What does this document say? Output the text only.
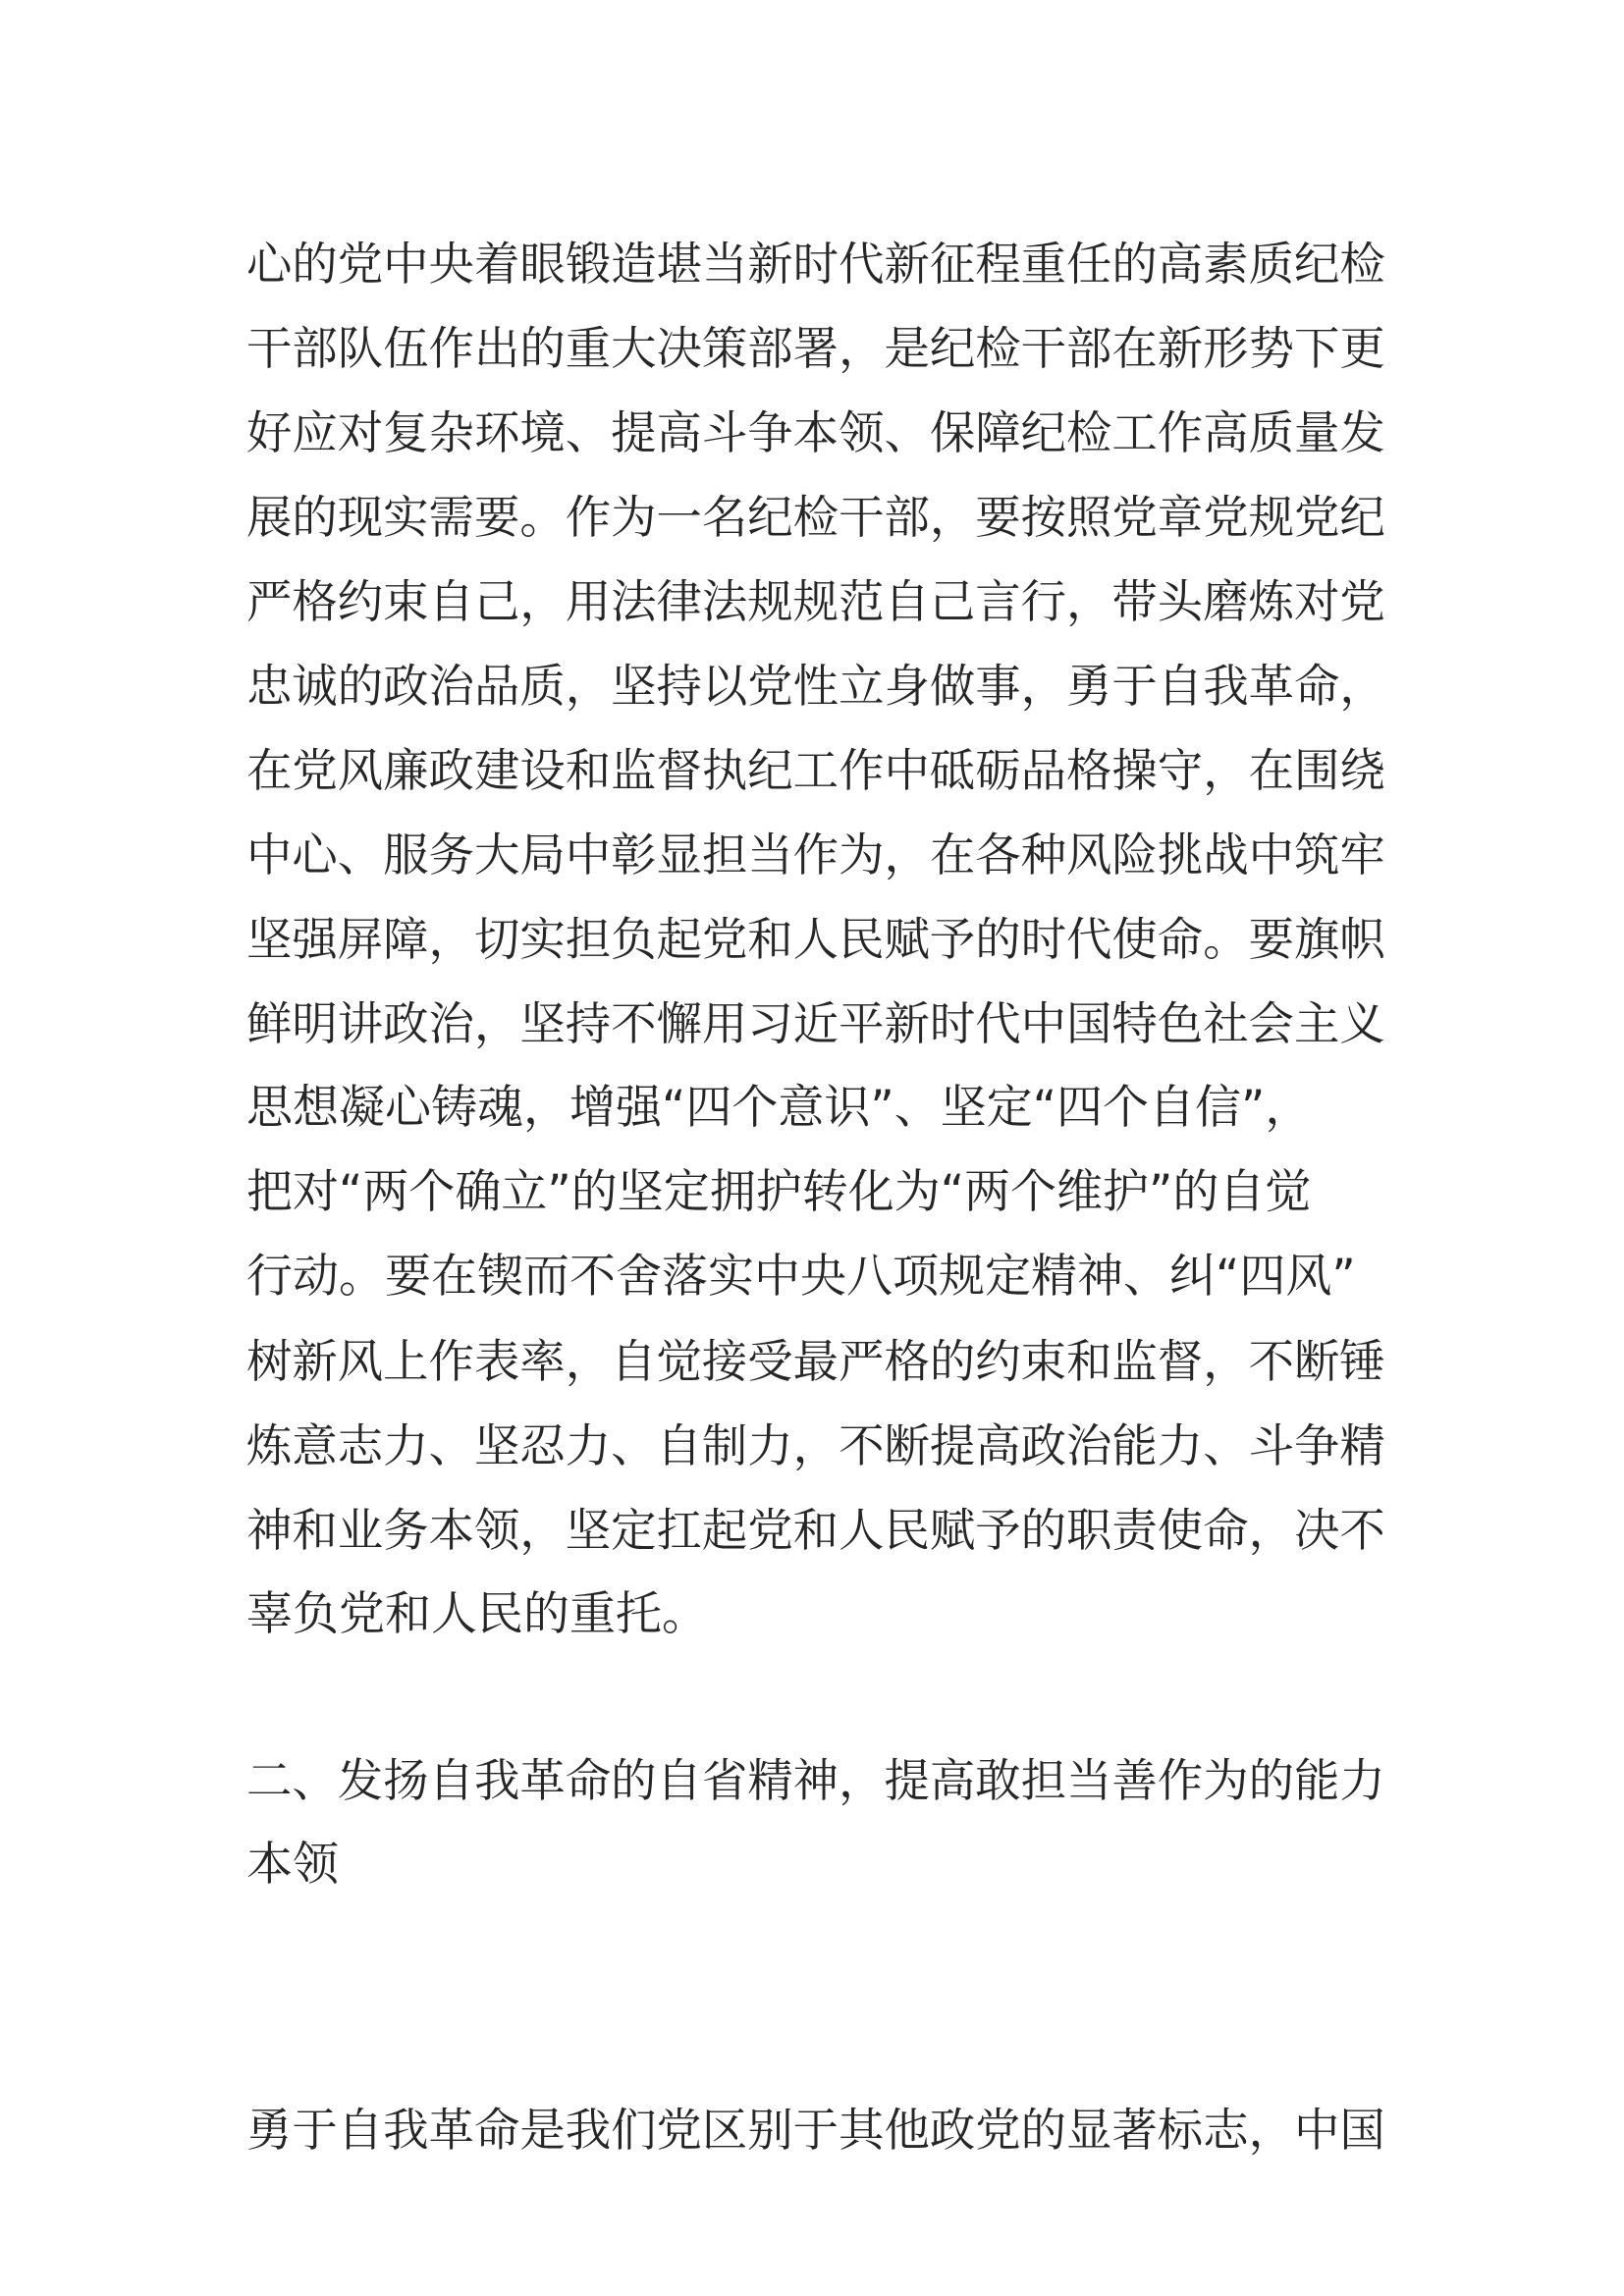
心的党中央着眼锻造堪当新时代新征程重任的高素质纪检
干部队伍作出的重大决策部署，是纪检干部在新形势下更
好应对复杂环境、提高斗争本领、保障纪检工作高质量发
展的现实需要。作为一名纪检干部，要按照党章党规党纪
严格约束自己，用法律法规规范自己言行，带头磨炼对党
忠诚的政治品质，坚持以党性立身做事，勇于自我革命，
在党风廉政建设和监督执纪工作中砥砺品格操守，在围绕
中心、服务大局中彰显担当作为，在各种风险挑战中筑牢
坚强屏障，切实担负起党和人民赋予的时代使命。要旗帜
鲜明讲政治，坚持不懈用习近平新时代中国特色社会主义
思想凝心铸魂，增强“四个意识”、坚定“四个自信”，
把对“两个确立”的坚定拥护转化为“两个维护”的自觉
行动。要在锲而不舍落实中央八项规定精神、纠“四风”
树新风上作表率，自觉接受最严格的约束和监督，不断锤
炼意志力、坚忍力、自制力，不断提高政治能力、斗争精
神和业务本领，坚定扛起党和人民赋予的职责使命，决不
辜负党和人民的重托。
二、发扬自我革命的自省精神，提高敢担当善作为的能力
本领
勇于自我革命是我们党区别于其他政党的显著标志，中国
